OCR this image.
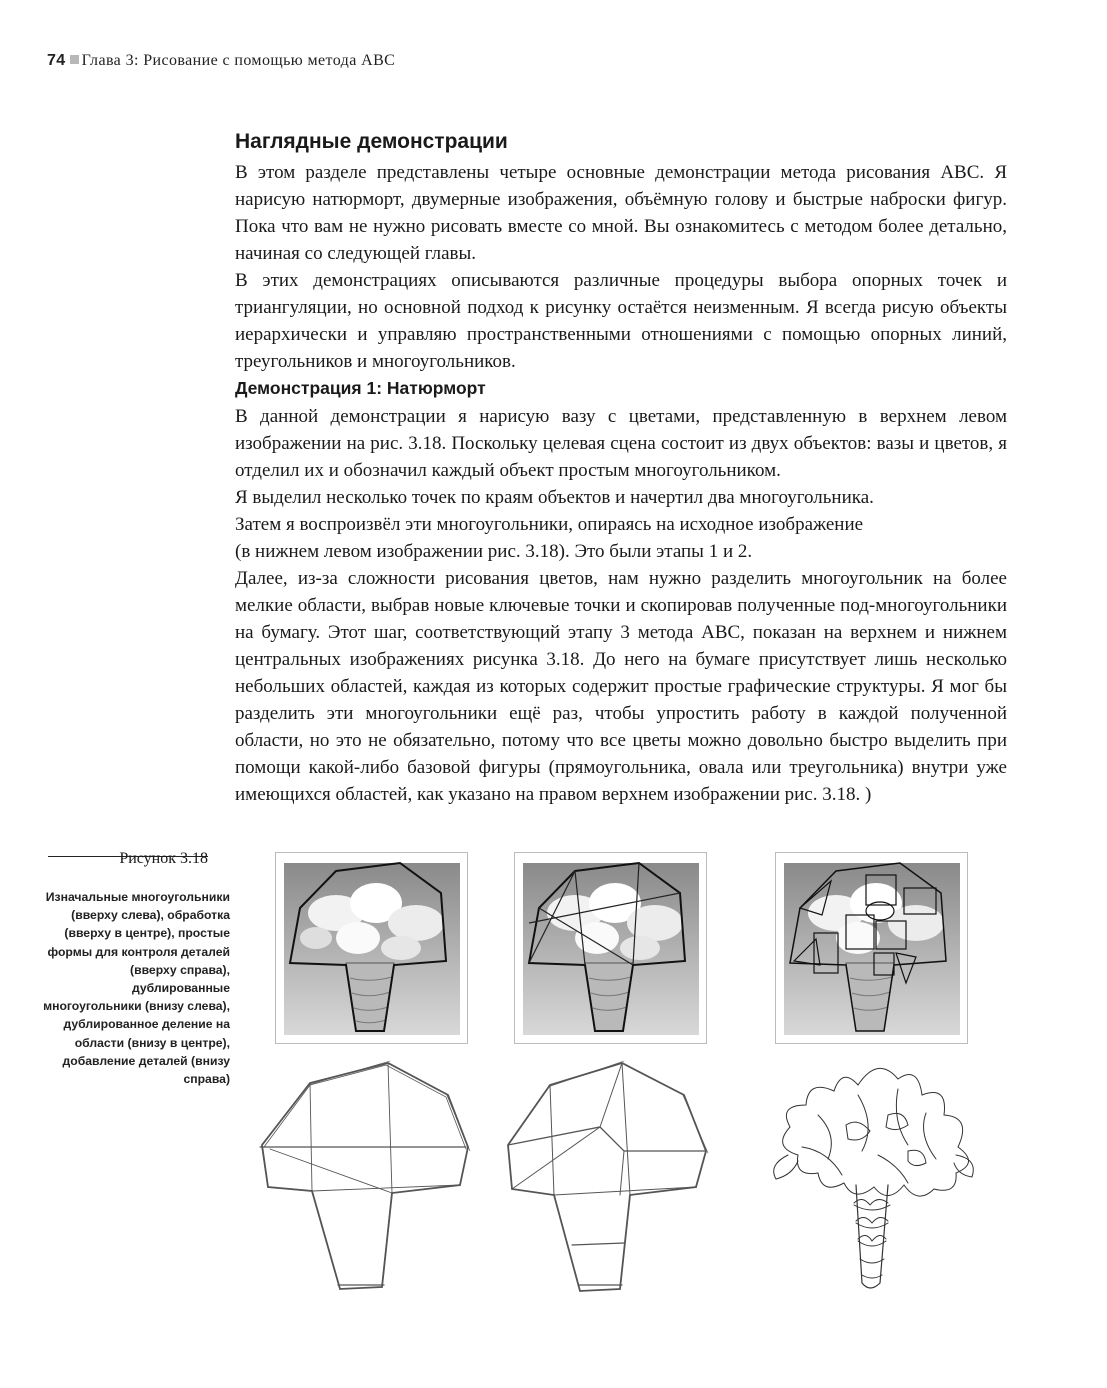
74 Глава 3: Рисование с помощью метода ABC
Наглядные демонстрации

В этом разделе представлены четыре основные демонстрации метода рисования ABC. Я нарисую натюрморт, двумерные изображения, объёмную голову и быстрые наброски фигур. Пока что вам не нужно рисовать вместе со мной. Вы ознакомитесь с методом более детально, начиная со следующей главы.

В этих демонстрациях описываются различные процедуры выбора опорных точек и триангуляции, но основной подход к рисунку остаётся неизменным. Я всегда рисую объекты иерархически и управляю пространственными отношениями с помощью опорных линий, треугольников и многоугольников.

Демонстрация 1: Натюрморт

В данной демонстрации я нарисую вазу с цветами, представленную в верхнем левом изображении на рис. 3.18. Поскольку целевая сцена состоит из двух объектов: вазы и цветов, я отделил их и обозначил каждый объект простым многоугольником.

Я выделил несколько точек по краям объектов и начертил два многоугольника.

Затем я воспроизвёл эти многоугольники, опираясь на исходное изображение

(в нижнем левом изображении рис. 3.18). Это были этапы 1 и 2.

Далее, из-за сложности рисования цветов, нам нужно разделить многоугольник на более мелкие области, выбрав новые ключевые точки и скопировав полученные под-многоугольники на бумагу. Этот шаг, соответствующий этапу 3 метода ABC, показан на верхнем и нижнем центральных изображениях рисунка 3.18. До него на бумаге присутствует лишь несколько небольших областей, каждая из которых содержит простые графические структуры. Я мог бы разделить эти многоугольники ещё раз, чтобы упростить работу в каждой полученной области, но это не обязательно, потому что все цветы можно довольно быстро выделить при помощи какой-либо базовой фигуры (прямоугольника, овала или треугольника) внутри уже имеющихся областей, как указано на правом верхнем изображении рис. 3.18. )

Рисунок 3.18
Изначальные многоугольники (вверху слева), обработка (вверху в центре), простые формы для контроля деталей (вверху справа), дублированные многоугольники (внизу слева), дублированное деление на области (внизу в центре), добавление деталей (внизу справа)
